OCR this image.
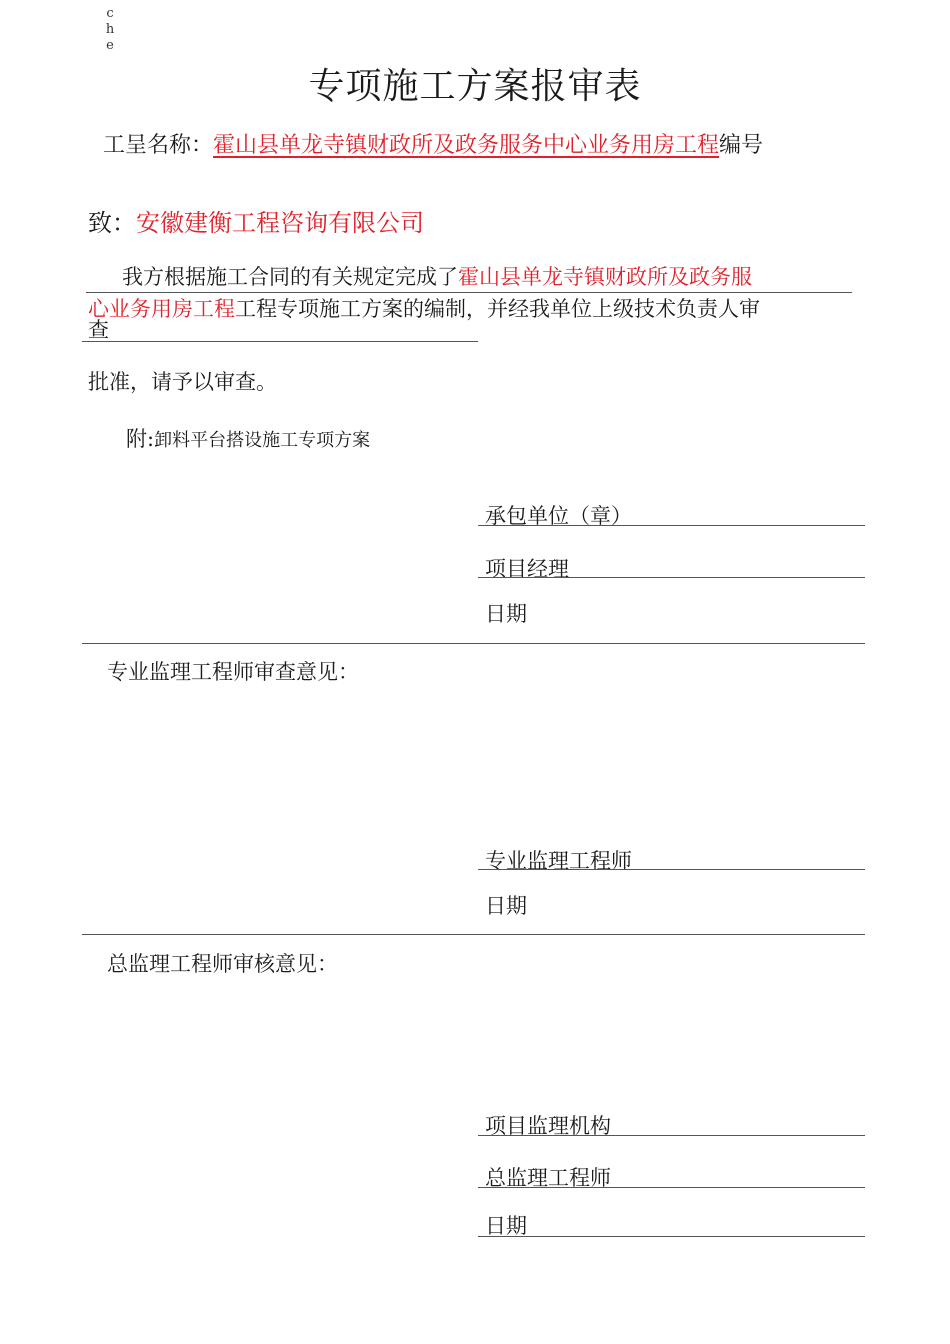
c
h
e
专项施工方案报审表
工呈名称：霍山县单龙寺镇财政所及政务服务中心业务用房工程编号
致：安徽建衡工程咨询有限公司
我方根据施工合同的有关规定完成了霍山县单龙寺镇财政所及政务服
心业务用房工程工程专项施工方案的编制，并经我单位上级技术负责人审
查
批准，请予以审查。
附:卸料平台搭设施工专项方案
承包单位（章）
项目经理
日期
专业监理工程师审查意见：
专业监理工程师
日期
总监理工程师审核意见：
项目监理机构
总监理工程师
日期
